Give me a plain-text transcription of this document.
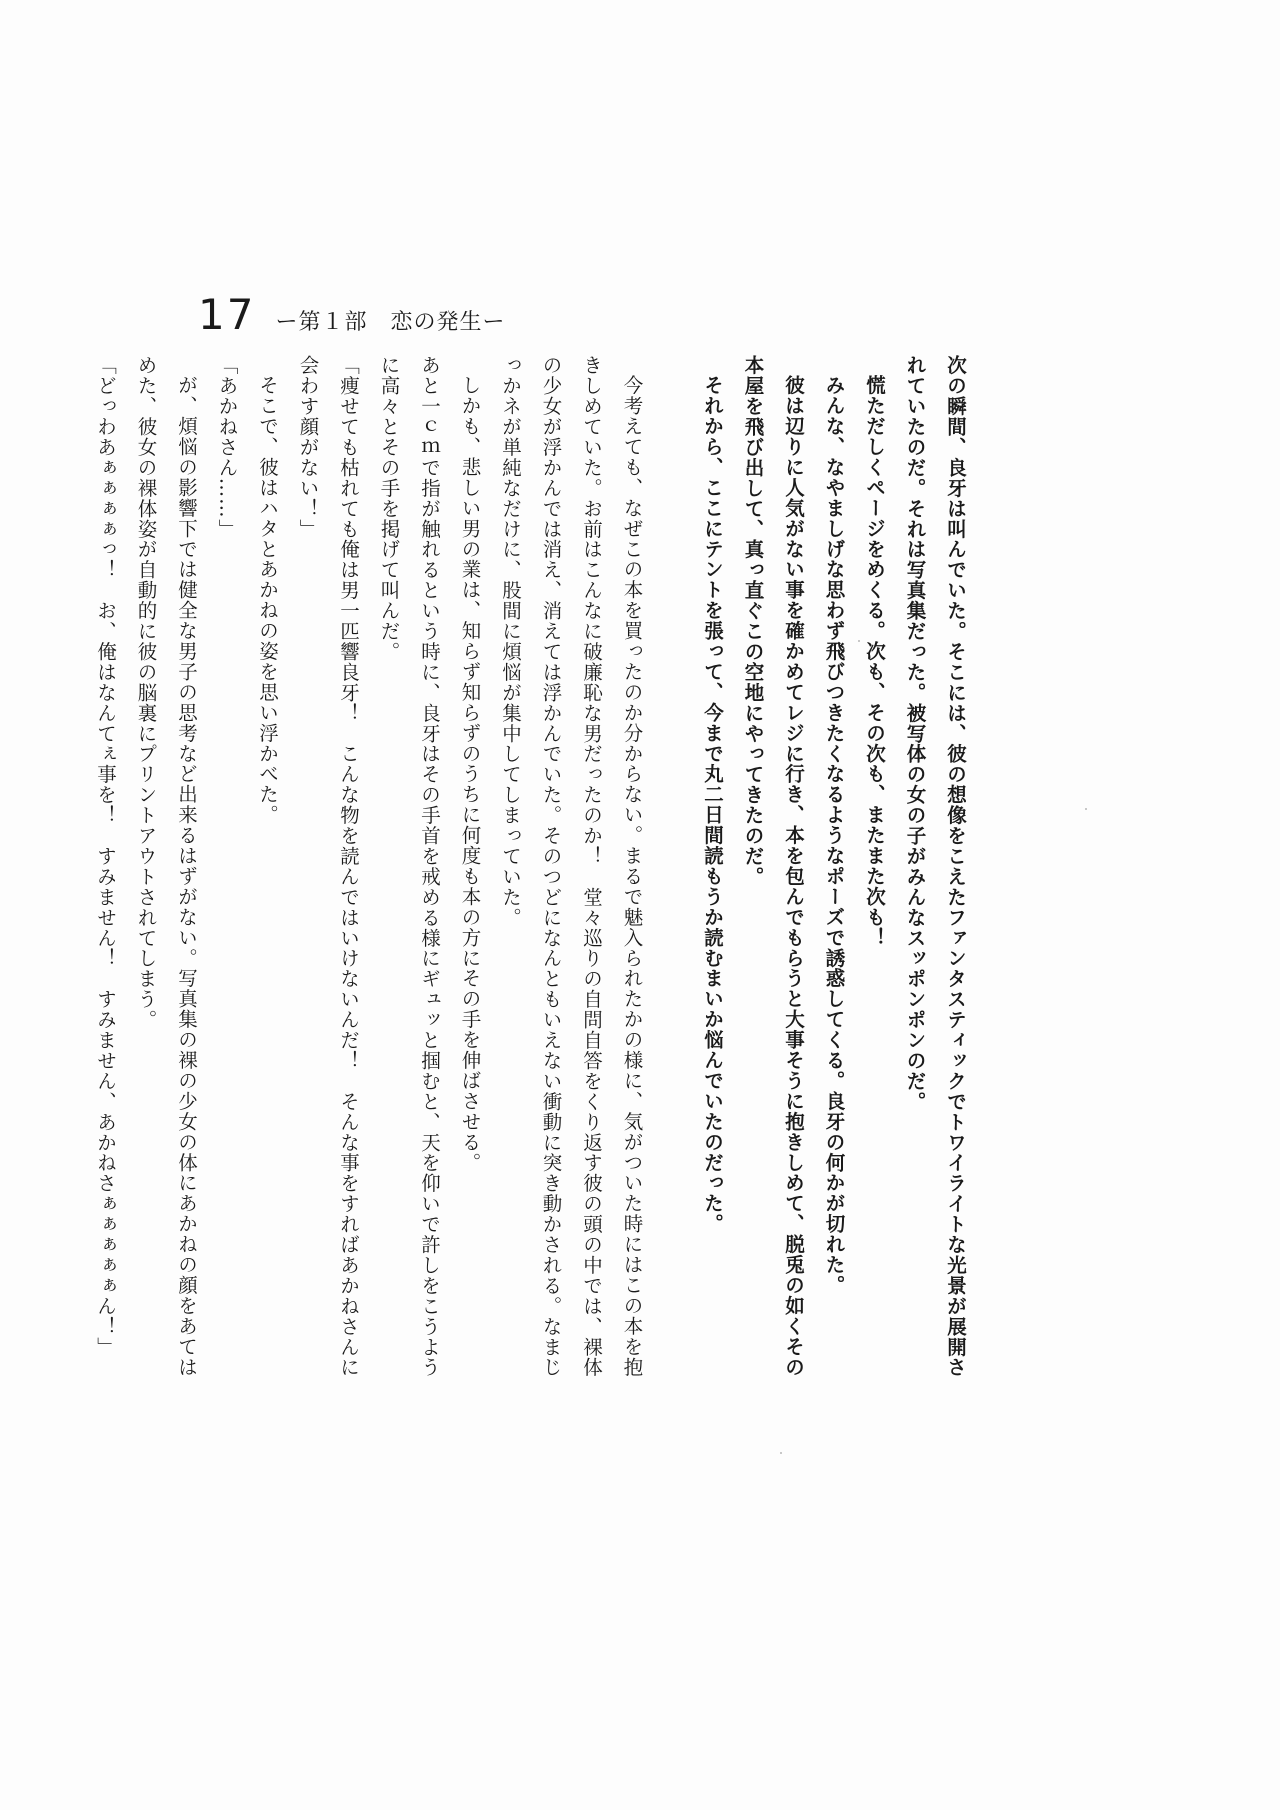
17 ー第１部　恋の発生ー

次の瞬間、良牙は叫んでいた。そこには、彼の想像をこえたファンタスティックでトワイライトな光景が展開されていたのだ。それは写真集だった。被写体の女の子がみんなスッポンポンのだ。

慌ただしくページをめくる。次も、その次も、またまた次も！

みんな、なやましげな思わず飛びつきたくなるようなポーズで誘惑してくる。良牙の何かが切れた。

彼は辺りに人気がない事を確かめてレジに行き、本を包んでもらうと大事そうに抱きしめて、脱兎の如くその本屋を飛び出して、真っ直ぐこの空地にやってきたのだ。

それから、ここにテントを張って、今まで丸二日間読もうか読むまいか悩んでいたのだった。

今考えても、なぜこの本を買ったのか分からない。まるで魅入られたかの様に、気がついた時にはこの本を抱きしめていた。お前はこんなに破廉恥な男だったのか！　堂々巡りの自問自答をくり返す彼の頭の中では、裸体の少女が浮かんでは消え、消えては浮かんでいた。そのつどになんともいえない衝動に突き動かされる。なまじっかネが単純なだけに、股間に煩悩が集中してしまっていた。

しかも、悲しい男の業は、知らず知らずのうちに何度も本の方にその手を伸ばさせる。

あと一ｃｍで指が触れるという時に、良牙はその手首を戒める様にギュッと掴むと、天を仰いで許しをこうように高々とその手を掲げて叫んだ。

「痩せても枯れても俺は男一匹響良牙！　こんな物を読んではいけないんだ！　そんな事をすればあかねさんに会わす顔がない！」

そこで、彼はハタとあかねの姿を思い浮かべた。

「あかねさん……」

が、煩悩の影響下では健全な男子の思考など出来るはずがない。写真集の裸の少女の体にあかねの顔をあてはめた、彼女の裸体姿が自動的に彼の脳裏にプリントアウトされてしまう。

「どっわあぁぁぁぁっ！　お、俺はなんてぇ事を！　すみません！　すみません、あかねさぁぁぁぁぁん！」
